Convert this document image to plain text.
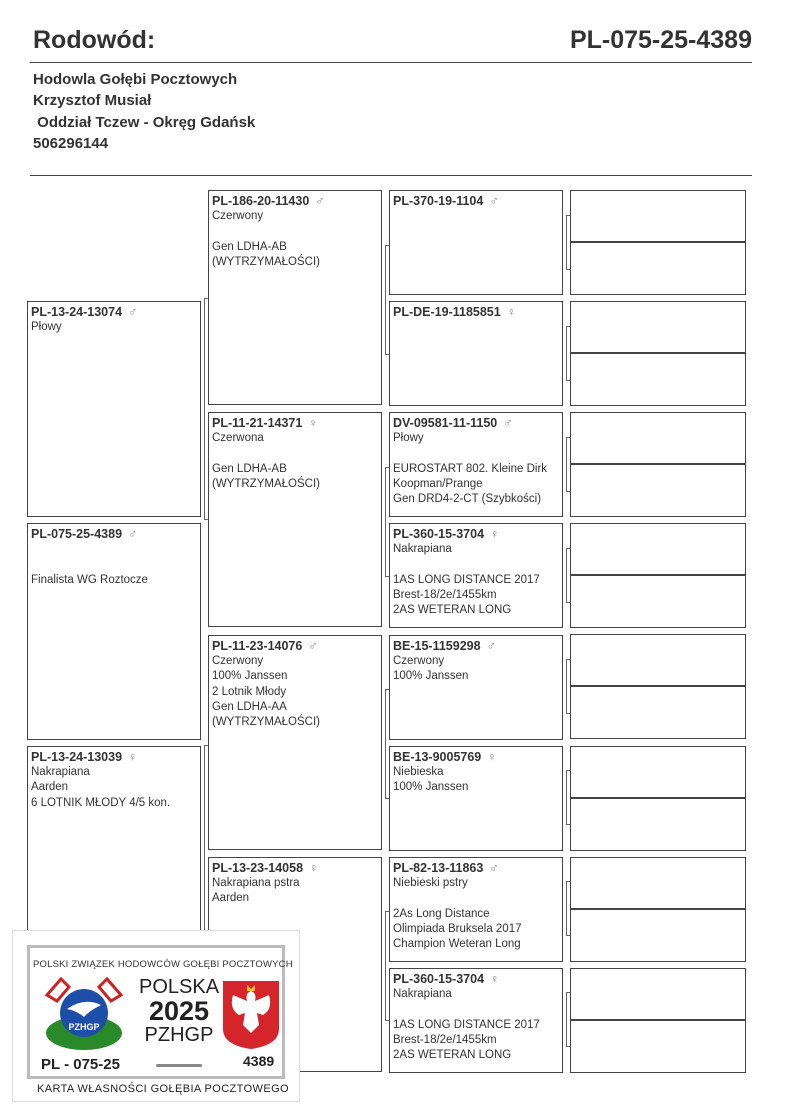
Rodowód:	PL-075-25-4389
Hodowla Gołębi Pocztowych
Krzysztof Musiał
Oddział Tczew - Okręg Gdańsk
506296144
PL-075-25-4389 ♂
Finalista WG Roztocze
PL-13-24-13074 ♂
Płowy
PL-13-24-13039 ♀
Nakrapiana
Aarden
6 LOTNIK MŁODY 4/5 kon.
PL-186-20-11430 ♂
Czerwony
Gen LDHA-AB
(WYTRZYMAŁOŚCI)
PL-11-21-14371 ♀
Czerwona
Gen LDHA-AB
(WYTRZYMAŁOŚCI)
PL-11-23-14076 ♂
Czerwony
100% Janssen
2 Lotnik Młody
Gen LDHA-AA
(WYTRZYMAŁOŚCI)
PL-13-23-14058 ♀
Nakrapiana pstra
Aarden
PL-370-19-1104 ♂
PL-DE-19-1185851 ♀
DV-09581-11-1150 ♂
Płowy
EUROSTART 802. Kleine Dirk
Koopman/Prange
Gen DRD4-2-CT (Szybkości)
PL-360-15-3704 ♀
Nakrapiana
1AS LONG DISTANCE 2017
Brest-18/2e/1455km
2AS WETERAN LONG
BE-15-1159298 ♂
Czerwony
100% Janssen
BE-13-9005769 ♀
Niebieska
100% Janssen
PL-82-13-11863 ♂
Niebieski pstry
2As Long Distance
Olimpiada Bruksela 2017
Champion Weteran Long
PL-360-15-3704 ♀
Nakrapiana
1AS LONG DISTANCE 2017
Brest-18/2e/1455km
2AS WETERAN LONG
POLSKI ZWIĄZEK HODOWCÓW GOŁĘBI POCZTOWYCH
PZHGP
POLSKA
2025
PZHGP
PL - 075-25	4389
KARTA WŁASNOŚCI GOŁĘBIA POCZTOWEGO
